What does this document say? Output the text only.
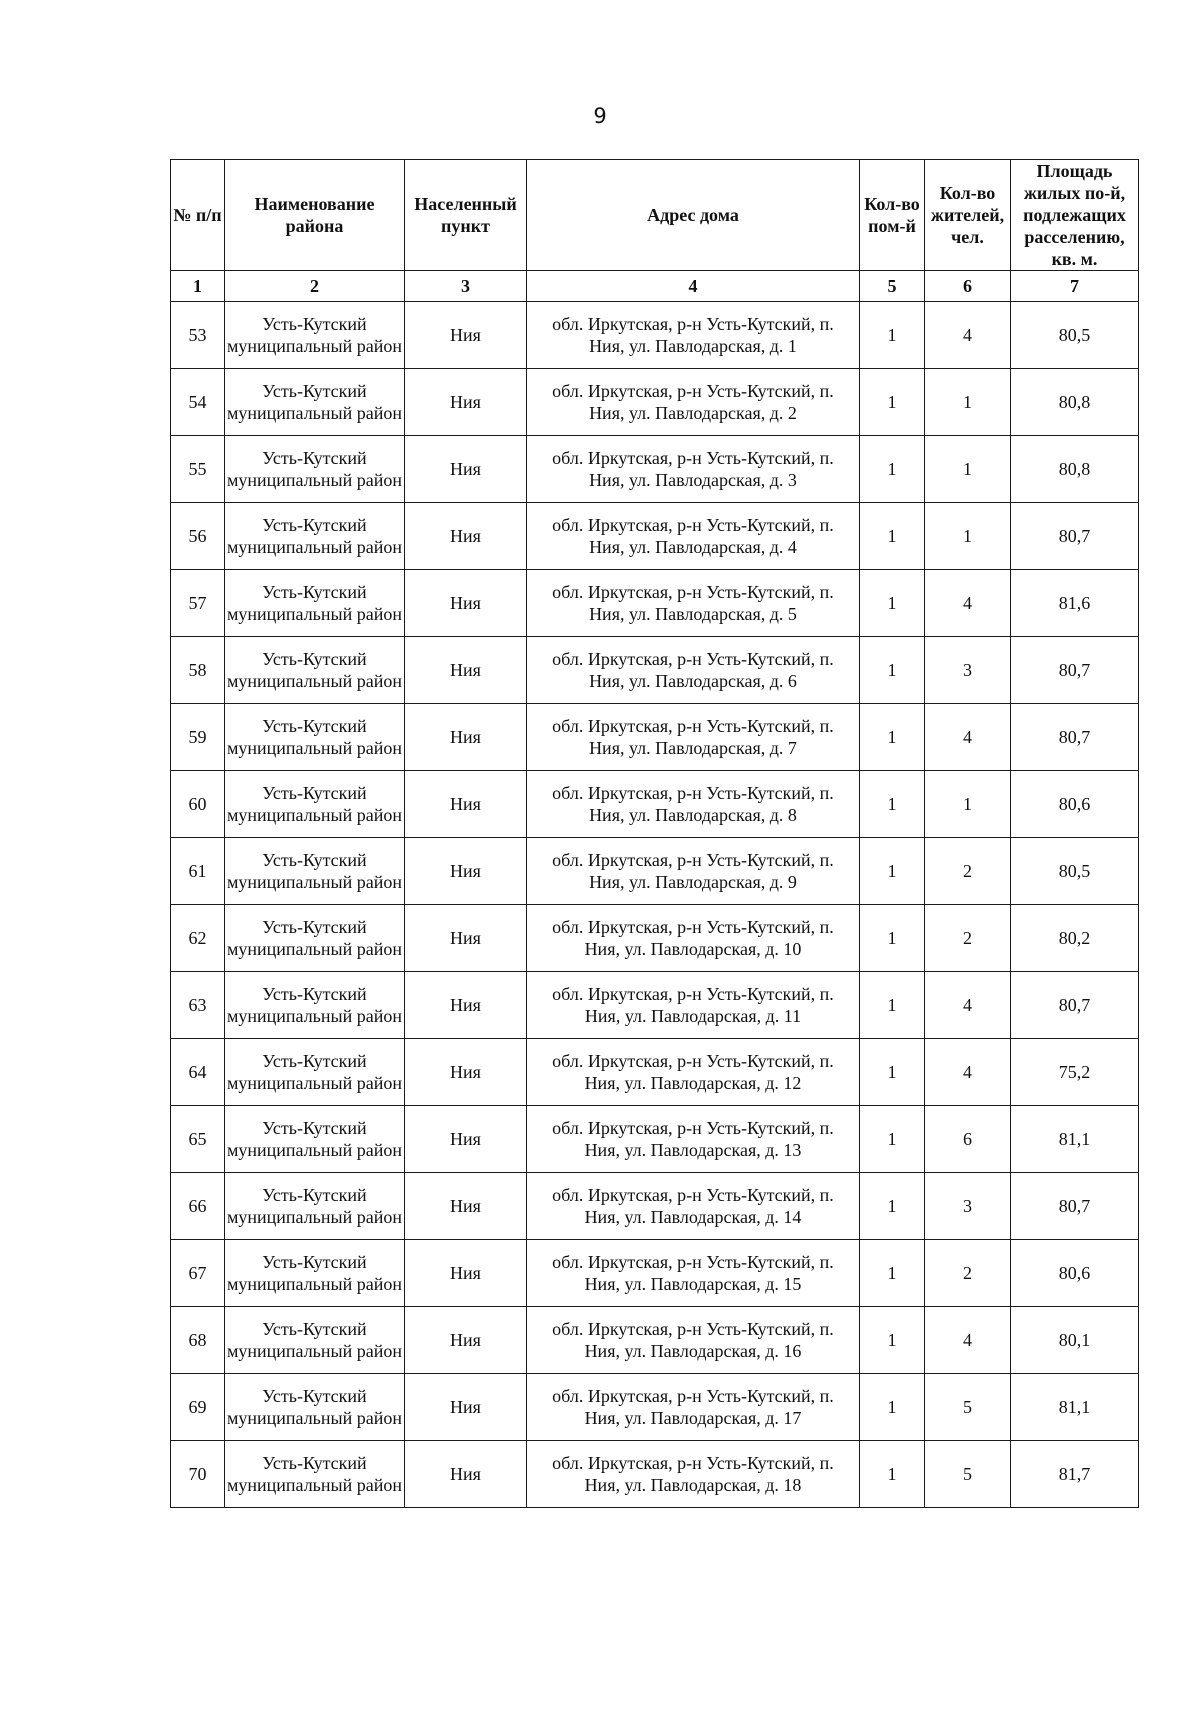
9
№ п/п	Наименование района	Населенный пункт	Адрес дома	Кол-во пом-й	Кол-во жителей, чел.	Площадь жилых по-й, подлежащих расселению, кв. м.
1	2	3	4	5	6	7
53	Усть-Кутский муниципальный район	Ния	обл. Иркутская, р-н Усть-Кутский, п. Ния, ул. Павлодарская, д. 1	1	4	80,5
54	Усть-Кутский муниципальный район	Ния	обл. Иркутская, р-н Усть-Кутский, п. Ния, ул. Павлодарская, д. 2	1	1	80,8
55	Усть-Кутский муниципальный район	Ния	обл. Иркутская, р-н Усть-Кутский, п. Ния, ул. Павлодарская, д. 3	1	1	80,8
56	Усть-Кутский муниципальный район	Ния	обл. Иркутская, р-н Усть-Кутский, п. Ния, ул. Павлодарская, д. 4	1	1	80,7
57	Усть-Кутский муниципальный район	Ния	обл. Иркутская, р-н Усть-Кутский, п. Ния, ул. Павлодарская, д. 5	1	4	81,6
58	Усть-Кутский муниципальный район	Ния	обл. Иркутская, р-н Усть-Кутский, п. Ния, ул. Павлодарская, д. 6	1	3	80,7
59	Усть-Кутский муниципальный район	Ния	обл. Иркутская, р-н Усть-Кутский, п. Ния, ул. Павлодарская, д. 7	1	4	80,7
60	Усть-Кутский муниципальный район	Ния	обл. Иркутская, р-н Усть-Кутский, п. Ния, ул. Павлодарская, д. 8	1	1	80,6
61	Усть-Кутский муниципальный район	Ния	обл. Иркутская, р-н Усть-Кутский, п. Ния, ул. Павлодарская, д. 9	1	2	80,5
62	Усть-Кутский муниципальный район	Ния	обл. Иркутская, р-н Усть-Кутский, п. Ния, ул. Павлодарская, д. 10	1	2	80,2
63	Усть-Кутский муниципальный район	Ния	обл. Иркутская, р-н Усть-Кутский, п. Ния, ул. Павлодарская, д. 11	1	4	80,7
64	Усть-Кутский муниципальный район	Ния	обл. Иркутская, р-н Усть-Кутский, п. Ния, ул. Павлодарская, д. 12	1	4	75,2
65	Усть-Кутский муниципальный район	Ния	обл. Иркутская, р-н Усть-Кутский, п. Ния, ул. Павлодарская, д. 13	1	6	81,1
66	Усть-Кутский муниципальный район	Ния	обл. Иркутская, р-н Усть-Кутский, п. Ния, ул. Павлодарская, д. 14	1	3	80,7
67	Усть-Кутский муниципальный район	Ния	обл. Иркутская, р-н Усть-Кутский, п. Ния, ул. Павлодарская, д. 15	1	2	80,6
68	Усть-Кутский муниципальный район	Ния	обл. Иркутская, р-н Усть-Кутский, п. Ния, ул. Павлодарская, д. 16	1	4	80,1
69	Усть-Кутский муниципальный район	Ния	обл. Иркутская, р-н Усть-Кутский, п. Ния, ул. Павлодарская, д. 17	1	5	81,1
70	Усть-Кутский муниципальный район	Ния	обл. Иркутская, р-н Усть-Кутский, п. Ния, ул. Павлодарская, д. 18	1	5	81,7
